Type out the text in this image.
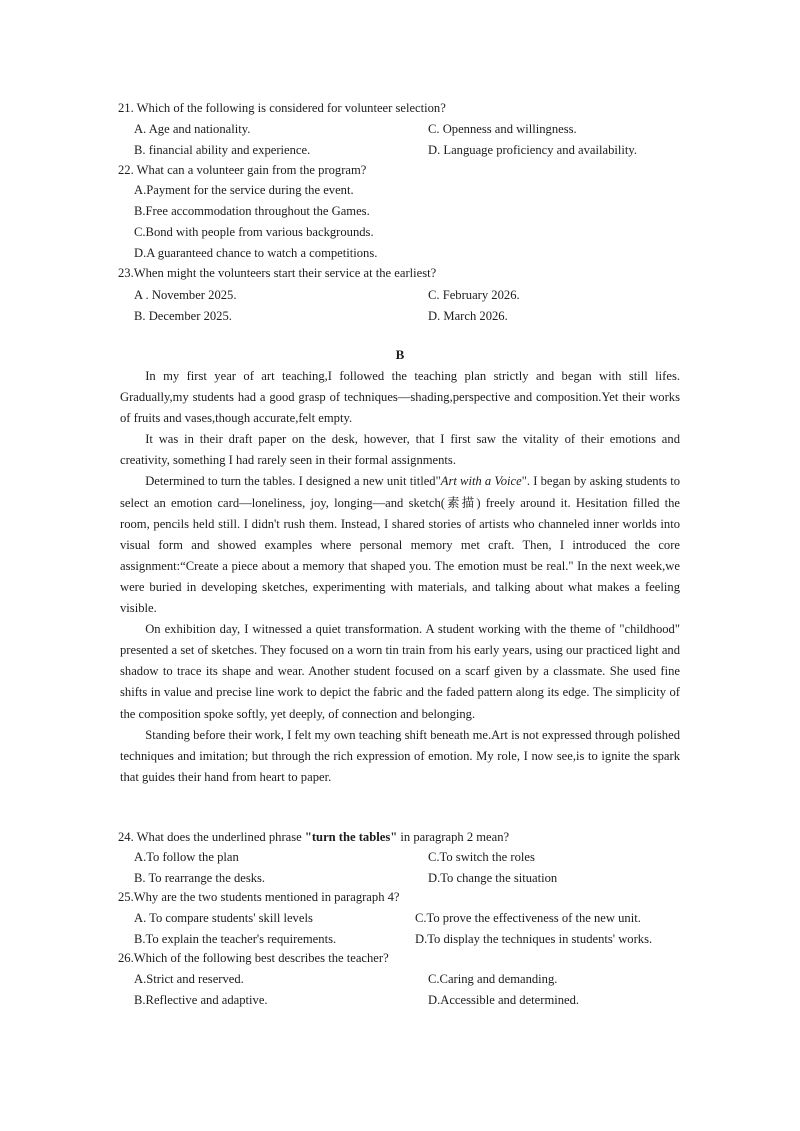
21. Which of the following is considered for volunteer selection?
A. Age and nationality.	C. Openness and willingness.
B. financial ability and experience.	D. Language proficiency and availability.
22. What can a volunteer gain from the program?
A.Payment for the service during the event.
B.Free accommodation throughout the Games.
C.Bond with people from various backgrounds.
D.A guaranteed chance to watch a competitions.
23.When might the volunteers start their service at the earliest?
A . November 2025.	C. February 2026.
B. December 2025.	D. March 2026.
B

In my first year of art teaching,I followed the teaching plan strictly and began with still lifes. Gradually,my students had a good grasp of techniques—shading,perspective and composition.Yet their works of fruits and vases,though accurate,felt empty.

It was in their draft paper on the desk, however, that I first saw the vitality of their emotions and creativity, something I had rarely seen in their formal assignments.

Determined to turn the tables. I designed a new unit titled"Art with a Voice". I began by asking students to select an emotion card—loneliness, joy, longing—and sketch(素描) freely around it. Hesitation filled the room, pencils held still. I didn't rush them. Instead, I shared stories of artists who channeled inner worlds into visual form and showed examples where personal memory met craft. Then, I introduced the core assignment:“Create a piece about a memory that shaped you. The emotion must be real." In the next week,we were buried in developing sketches, experimenting with materials, and talking about what makes a feeling visible.

On exhibition day, I witnessed a quiet transformation. A student working with the theme of "childhood" presented a set of sketches. They focused on a worn tin train from his early years, using our practiced light and shadow to trace its shape and wear. Another student focused on a scarf given by a classmate. She used fine shifts in value and precise line work to depict the fabric and the faded pattern along its edge. The simplicity of the composition spoke softly, yet deeply, of connection and belonging.

Standing before their work, I felt my own teaching shift beneath me.Art is not expressed through polished techniques and imitation; but through the rich expression of emotion. My role, I now see,is to ignite the spark that guides their hand from heart to paper.

24. What does the underlined phrase "turn the tables" in paragraph 2 mean?
A.To follow the plan	C.To switch the roles
B. To rearrange the desks.	D.To change the situation
25.Why are the two students mentioned in paragraph 4?
A. To compare students' skill levels	C.To prove the effectiveness of the new unit.
B.To explain the teacher's requirements.	D.To display the techniques in students' works.
26.Which of the following best describes the teacher?
A.Strict and reserved.	C.Caring and demanding.
B.Reflective and adaptive.	D.Accessible and determined.
